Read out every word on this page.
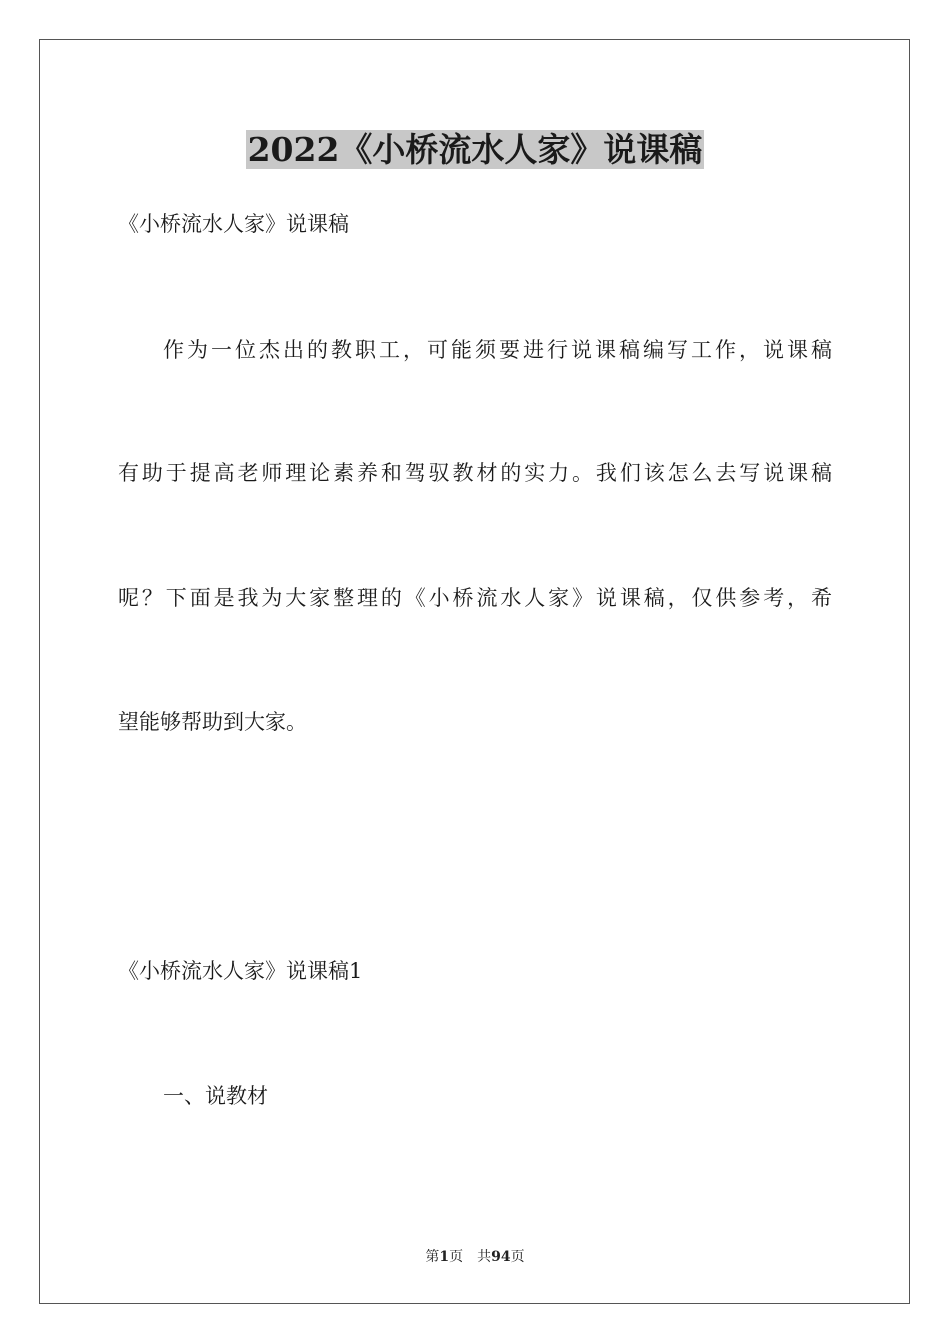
2022《小桥流水人家》说课稿
《小桥流水人家》说课稿
作为一位杰出的教职工，可能须要进行说课稿编写工作，说课稿
有助于提高老师理论素养和驾驭教材的实力。我们该怎么去写说课稿
呢？下面是我为大家整理的《小桥流水人家》说课稿，仅供参考，希
望能够帮助到大家。
《小桥流水人家》说课稿1
一、说教材
第1页　共94页
